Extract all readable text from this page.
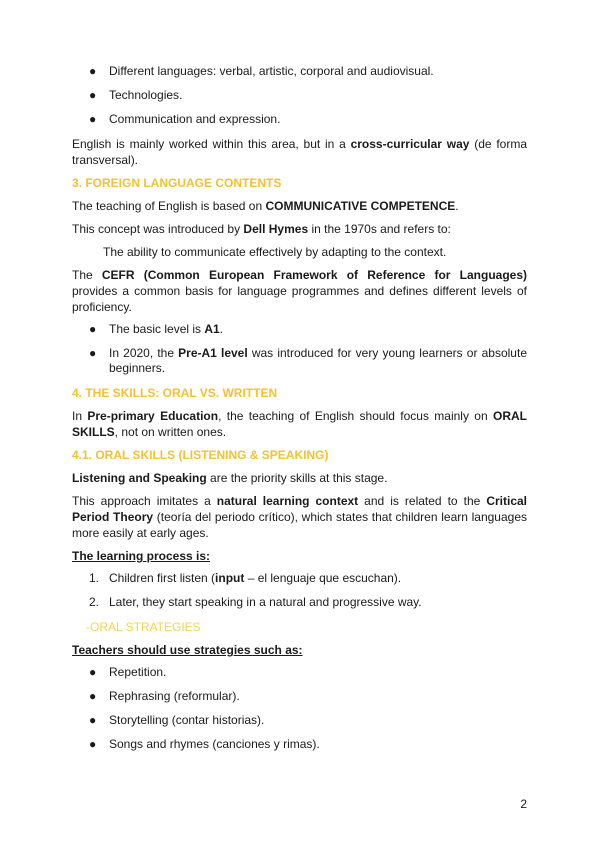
● Different languages: verbal, artistic, corporal and audiovisual.
● Technologies.
● Communication and expression.

English is mainly worked within this area, but in a cross-curricular way (de forma transversal).

3. FOREIGN LANGUAGE CONTENTS

The teaching of English is based on COMMUNICATIVE COMPETENCE.

This concept was introduced by Dell Hymes in the 1970s and refers to:

The ability to communicate effectively by adapting to the context.

The CEFR (Common European Framework of Reference for Languages) provides a common basis for language programmes and defines different levels of proficiency.

● The basic level is A1.
● In 2020, the Pre-A1 level was introduced for very young learners or absolute beginners.
4. THE SKILLS: ORAL VS. WRITTEN

In Pre-primary Education, the teaching of English should focus mainly on ORAL SKILLS, not on written ones.

4.1. ORAL SKILLS (LISTENING & SPEAKING)

Listening and Speaking are the priority skills at this stage.

This approach imitates a natural learning context and is related to the Critical Period Theory (teoría del periodo crítico), which states that children learn languages more easily at early ages.

The learning process is:

1. Children first listen (input – el lenguaje que escuchan).
2. Later, they start speaking in a natural and progressive way.
-ORAL STRATEGIES

Teachers should use strategies such as:

● Repetition.
● Rephrasing (reformular).
● Storytelling (contar historias).
● Songs and rhymes (canciones y rimas).
2
